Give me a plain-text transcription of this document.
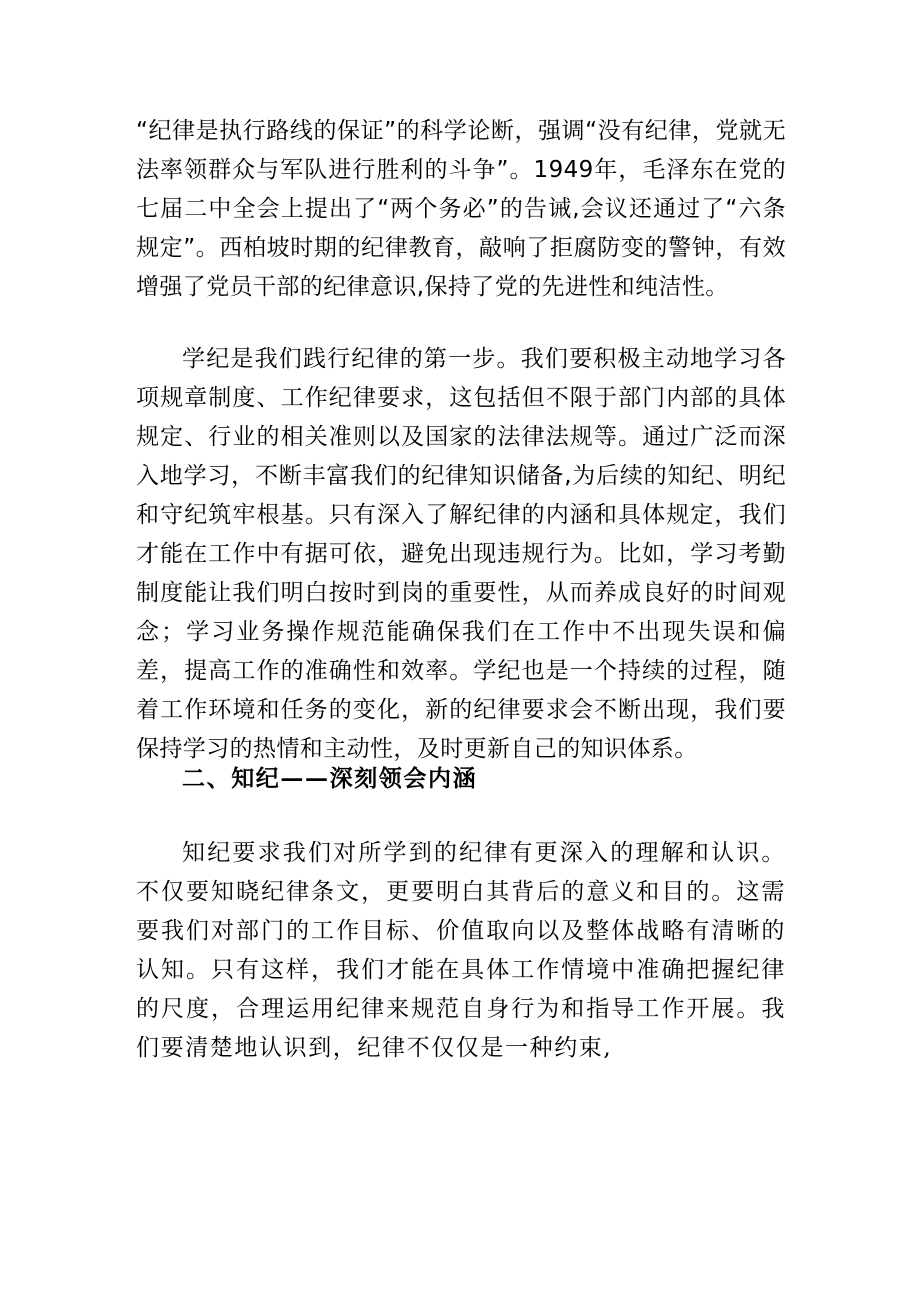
“纪律是执行路线的保证”的科学论断，强调“没有纪律，党就无法率领群众与军队进行胜利的斗争”。1949年，毛泽东在党的七届二中全会上提出了“两个务必”的告诫,会议还通过了“六条规定”。西柏坡时期的纪律教育，敲响了拒腐防变的警钟，有效增强了党员干部的纪律意识,保持了党的先进性和纯洁性。

学纪是我们践行纪律的第一步。我们要积极主动地学习各项规章制度、工作纪律要求，这包括但不限于部门内部的具体规定、行业的相关准则以及国家的法律法规等。通过广泛而深入地学习，不断丰富我们的纪律知识储备,为后续的知纪、明纪和守纪筑牢根基。只有深入了解纪律的内涵和具体规定，我们才能在工作中有据可依，避免出现违规行为。比如，学习考勤制度能让我们明白按时到岗的重要性，从而养成良好的时间观念；学习业务操作规范能确保我们在工作中不出现失误和偏差，提高工作的准确性和效率。学纪也是一个持续的过程，随着工作环境和任务的变化，新的纪律要求会不断出现，我们要保持学习的热情和主动性，及时更新自己的知识体系。

二、知纪——深刻领会内涵

知纪要求我们对所学到的纪律有更深入的理解和认识。不仅要知晓纪律条文，更要明白其背后的意义和目的。这需要我们对部门的工作目标、价值取向以及整体战略有清晰的认知。只有这样，我们才能在具体工作情境中准确把握纪律的尺度，合理运用纪律来规范自身行为和指导工作开展。我们要清楚地认识到，纪律不仅仅是一种约束,
